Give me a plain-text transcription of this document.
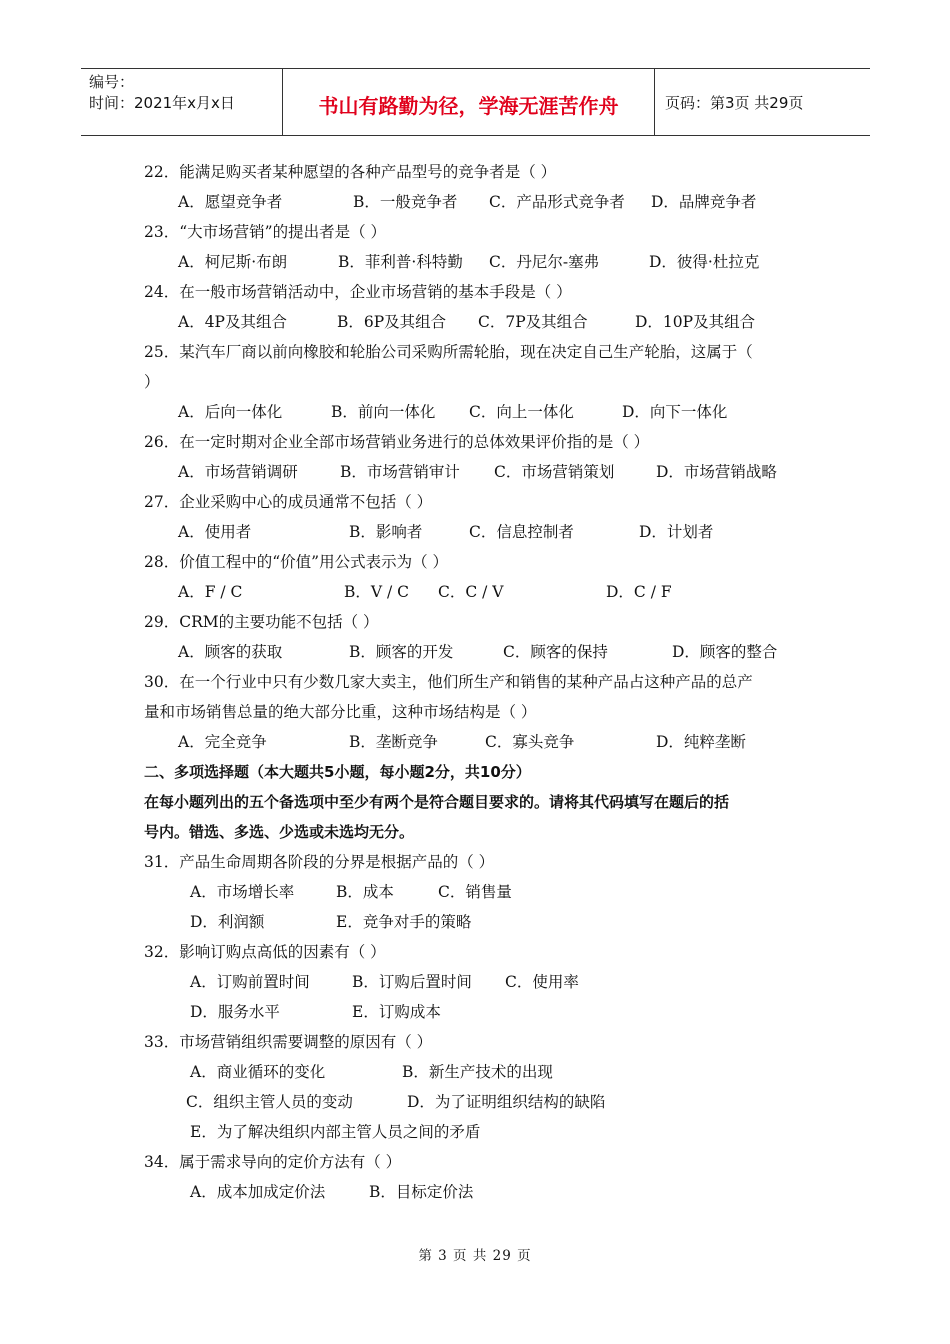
编号：
时间：2021年x月x日	书山有路勤为径，学海无涯苦作舟	页码：第3页 共29页
22．能满足购买者某种愿望的各种产品型号的竞争者是（ ）
A．愿望竞争者	B．一般竞争者 C．产品形式竞争者 D．品牌竞争者
23．“大市场营销”的提出者是（ ）
A．柯尼斯·布朗	B．菲利普·科特勤 C．丹尼尔-塞弗	D．彼得·杜拉克
24．在一般市场营销活动中，企业市场营销的基本手段是（ ）
A．4P及其组合	B．6P及其组合 C．7P及其组合	D．10P及其组合
25．某汽车厂商以前向橡胶和轮胎公司采购所需轮胎，现在决定自己生产轮胎，这属于（
）
A．后向一体化	B．前向一体化 C．向上一体化	D．向下一体化
26．在一定时期对企业全部市场营销业务进行的总体效果评价指的是（ ）
A．市场营销调研	B．市场营销审计 C．市场营销策划	D．市场营销战略
27．企业采购中心的成员通常不包括（ ）
A．使用者	B．影响者	C．信息控制者	D．计划者
28．价值工程中的“价值”用公式表示为（ ）
A．F / C	B．V / C C．C / V	D．C / F
29．CRM的主要功能不包括（ ）
A．顾客的获取	B．顾客的开发	C．顾客的保持	D．顾客的整合
30．在一个行业中只有少数几家大卖主，他们所生产和销售的某种产品占这种产品的总产
量和市场销售总量的绝大部分比重，这种市场结构是（ ）
A．完全竞争	B．垄断竞争	C．寡头竞争	D．纯粹垄断
二、多项选择题（本大题共5小题，每小题2分，共10分）
在每小题列出的五个备选项中至少有两个是符合题目要求的。请将其代码填写在题后的括
号内。错选、多选、少选或未选均无分。
31．产品生命周期各阶段的分界是根据产品的（ ）
A．市场增长率	B．成本	C．销售量
D．利润额	E．竞争对手的策略
32．影响订购点高低的因素有（ ）
A．订购前置时间	B．订购后置时间 C．使用率
D．服务水平	E．订购成本
33．市场营销组织需要调整的原因有（ ）
A．商业循环的变化	B．新生产技术的出现
C．组织主管人员的变动	D．为了证明组织结构的缺陷
E．为了解决组织内部主管人员之间的矛盾
34．属于需求导向的定价方法有（ ）
A．成本加成定价法	B．目标定价法
第 3 页 共 29 页
